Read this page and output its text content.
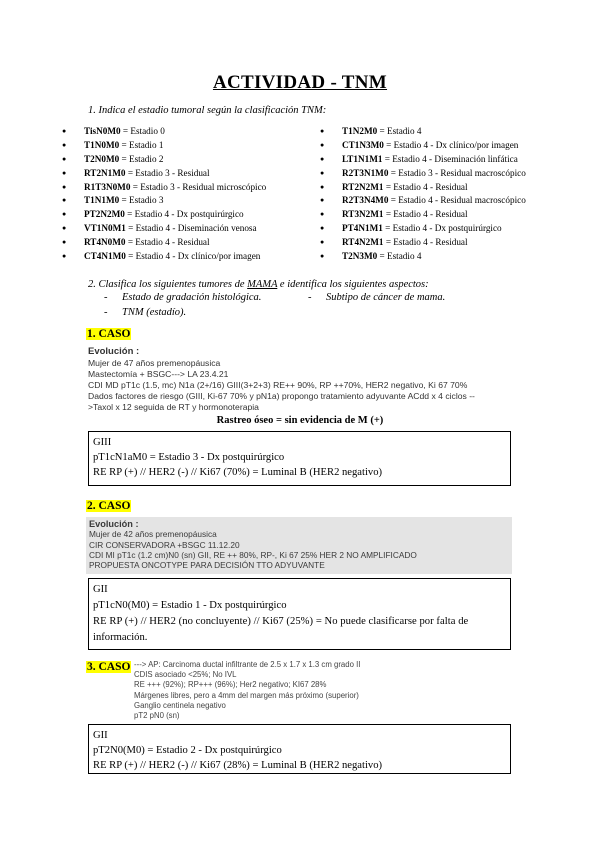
ACTIVIDAD - TNM
1. Indica el estadio tumoral según la clasificación TNM:
● TisN0M0 = Estadio 0
● T1N0M0 = Estadio 1
● T2N0M0 = Estadio 2
● RT2N1M0 = Estadio 3 - Residual
● R1T3N0M0 = Estadio 3 - Residual microscópico
● T1N1M0 = Estadio 3
● PT2N2M0 = Estadio 4 - Dx postquirúrgico
● VT1N0M1 = Estadio 4 - Diseminación venosa
● RT4N0M0 = Estadio 4 - Residual
● CT4N1M0 = Estadio 4 - Dx clínico/por imagen
● T1N2M0 = Estadio 4
● CT1N3M0 = Estadio 4 - Dx clínico/por imagen
● LT1N1M1 = Estadio 4 - Diseminación linfática
● R2T3N1M0 = Estadio 3 - Residual macroscópico
● RT2N2M1 = Estadio 4 - Residual
● R2T3N4M0 = Estadio 4 - Residual macroscópico
● RT3N2M1 = Estadio 4 - Residual
● PT4N1M1 = Estadio 4 - Dx postquirúrgico
● RT4N2M1 = Estadio 4 - Residual
● T2N3M0 = Estadio 4
2. Clasifica los siguientes tumores de MAMA e identifica los siguientes aspectos:
- Estado de gradación histológica.	- Subtipo de cáncer de mama.
- TNM (estadío).
1. CASO
Evolución :
Mujer de 47 años premenopáusica
Mastectomía + BSGC---> LA 23.4.21
CDI MD pT1c (1.5, mc) N1a (2+/16) GIII(3+2+3) RE++ 90%, RP ++70%, HER2 negativo, Ki 67 70%
Dados factores de riesgo (GIII, Ki-67 70% y pN1a) propongo tratamiento adyuvante ACdd x 4 ciclos --
>Taxol x 12 seguida de RT y hormonoterapia
Rastreo óseo = sin evidencia de M (+)
GIII
pT1cN1aM0 = Estadio 3 - Dx postquirúrgico
RE RP (+) // HER2 (-) // Ki67 (70%) = Luminal B (HER2 negativo)
2. CASO
Evolución :
Mujer de 42 años premenopáusica
CIR CONSERVADORA +BSGC 11.12.20
CDI MI pT1c (1.2 cm)N0 (sn) GII, RE ++ 80%, RP-, Ki 67 25% HER 2 NO AMPLIFICADO
PROPUESTA ONCOTYPE PARA DECISIÓN TTO ADYUVANTE
GII
pT1cN0(M0) = Estadio 1 - Dx postquirúrgico
RE RP (+) // HER2 (no concluyente) // Ki67 (25%) = No puede clasificarse por falta de
información.
3. CASO ---> AP: Carcinoma ductal infiltrante de 2.5 x 1.7 x 1.3 cm grado II
CDIS asociado <25%; No IVL
RE +++ (92%); RP+++ (96%); Her2 negativo; KI67 28%
Márgenes libres, pero a 4mm del margen más próximo (superior)
Ganglio centinela negativo
pT2 pN0 (sn)
GII
pT2N0(M0) = Estadio 2 - Dx postquirúrgico
RE RP (+) // HER2 (-) // Ki67 (28%) = Luminal B (HER2 negativo)
